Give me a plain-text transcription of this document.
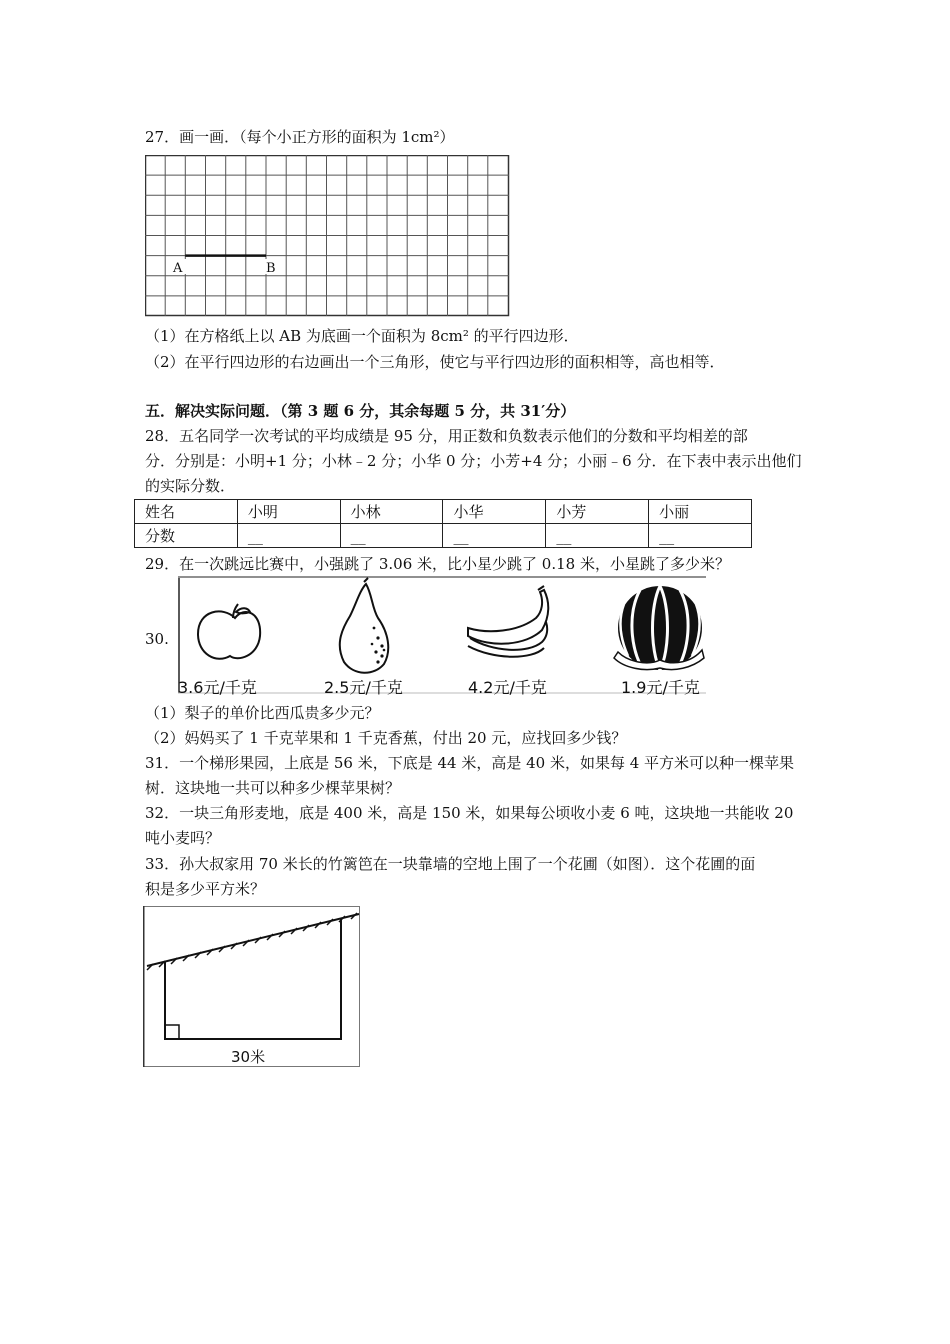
27．画一画．（每个小正方形的面积为 1cm²）
A	B
（1）在方格纸上以 AB 为底画一个面积为 8cm² 的平行四边形．
（2）在平行四边形的右边画出一个三角形，使它与平行四边形的面积相等，高也相等．
五．解决实际问题．（第 3 题 6 分，其余每题 5 分，共 31′分）
28．五名同学一次考试的平均成绩是 95 分，用正数和负数表示他们的分数和平均相差的部
分．分别是：小明+1 分；小林﹣2 分；小华 0 分；小芳+4 分；小丽﹣6 分．在下表中表示出他们
的实际分数．
姓名	小明	小林	小华	小芳	小丽
分数	__	__	__	__	__
29．在一次跳远比赛中，小强跳了 3.06 米，比小星少跳了 0.18 米，小星跳了多少米？
30.
3.6元/千克	2.5元/千克	4.2元/千克	1.9元/千克
（1）梨子的单价比西瓜贵多少元？
（2）妈妈买了 1 千克苹果和 1 千克香蕉，付出 20 元，应找回多少钱？
31．一个梯形果园，上底是 56 米，下底是 44 米，高是 40 米，如果每 4 平方米可以种一棵苹果
树．这块地一共可以种多少棵苹果树？
32．一块三角形麦地，底是 400 米，高是 150 米，如果每公顷收小麦 6 吨，这块地一共能收 20
吨小麦吗？
33．孙大叔家用 70 米长的竹篱笆在一块靠墙的空地上围了一个花圃（如图）．这个花圃的面
积是多少平方米？
30米
